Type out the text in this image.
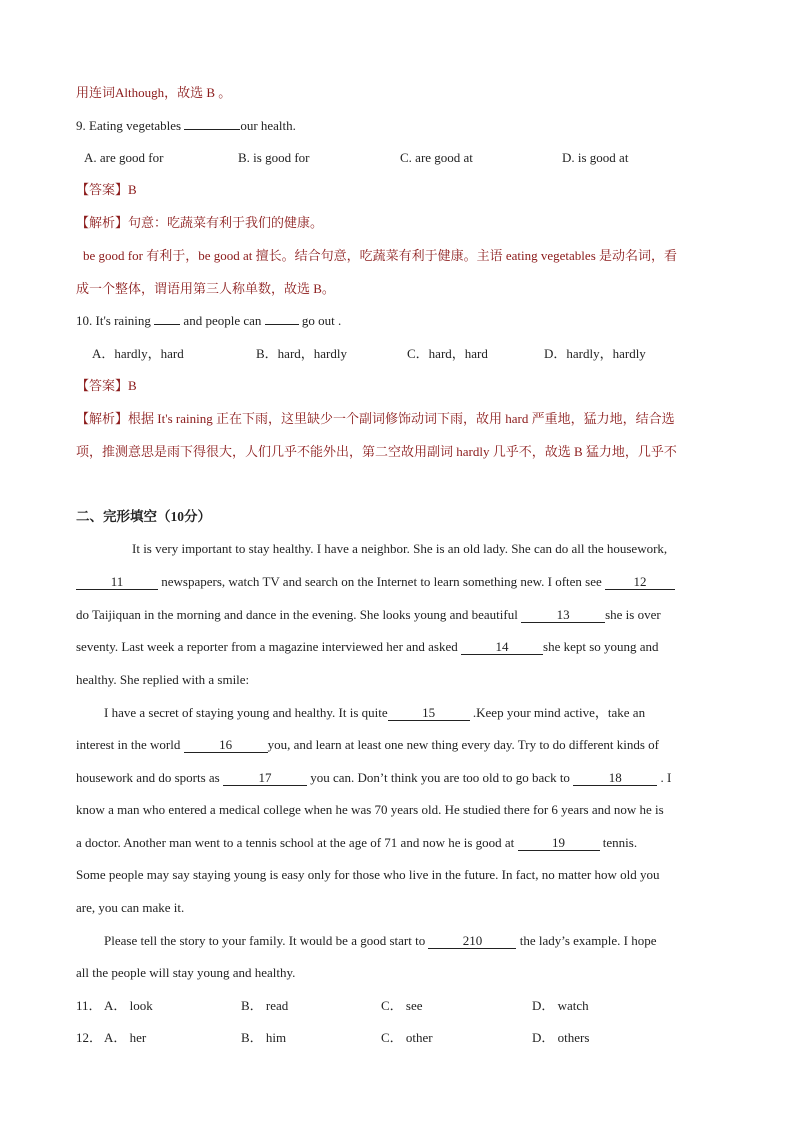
用连词Although，故选 B 。
9. Eating vegetables	our health.
A. are good for	B. is good for	C. are good at	D. is good at
【答案】B
【解析】句意：吃蔬菜有利于我们的健康。
be good for 有利于，be good at 擅长。结合句意，吃蔬菜有利于健康。主语 eating vegetables 是动名词，看
成一个整体，谓语用第三人称单数，故选 B。
10. It's raining  and people can	go out .
A．hardly，hard	B．hard，hardly	C．hard，hard	D．hardly，hardly
【答案】B
【解析】根据 It's raining 正在下雨，这里缺少一个副词修饰动词下雨，故用 hard 严重地，猛力地，结合选
项，推测意思是雨下得很大，人们几乎不能外出，第二空故用副词 hardly 几乎不，故选 B 猛力地，几乎不
二、完形填空（10分）
It is very important to stay healthy. I have a neighbor. She is an old lady. She can do all the housework,
11	newspapers, watch TV and search on the Internet to learn something new. I often see 12
do Taijiquan in the morning and dance in the evening. She looks young and beautiful	13	she is over
seventy. Last week a reporter from a magazine interviewed her and asked	14	she kept so young and
healthy. She replied with a smile:
I have a secret of staying young and healthy. It is quite	15	.Keep your mind active，take an
interest in the world	16	you, and learn at least one new thing every day. Try to do different kinds of
housework and do sports as	17	you can. Don’t think you are too old to go back to	18	. I
know a man who entered a medical college when he was 70 years old. He studied there for 6 years and now he is
a doctor. Another man went to a tennis school at the age of 71 and now he is good at	19	tennis.
Some people may say staying young is easy only for those who live in the future. In fact, no matter how old you
are, you can make it.
Please tell the story to your family. It would be a good start to	210	the lady’s example. I hope
all the people will stay young and healthy.
11． A． look	B． read	C． see	D． watch
12． A． her	B． him	C． other	D． others
